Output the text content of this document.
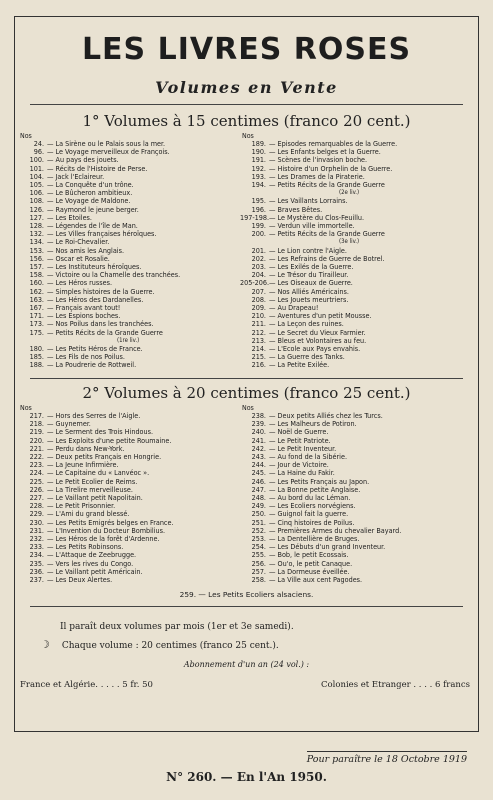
LES LIVRES ROSES
Volumes en Vente
1° Volumes à 15 centimes (franco 20 cent.)
Nos
24. — La Sirène ou le Palais sous la mer.
96. — Le Voyage merveilleux de François.
100. — Au pays des jouets.
101. — Récits de l'Histoire de Perse.
104. — Jack l'Eclaireur.
105. — La Conquête d'un trône.
106. — Le Bûcheron ambitieux.
108. — Le Voyage de Maldone.
126. — Raymond le jeune berger.
127. — Les Etoiles.
128. — Légendes de l'île de Man.
132. — Les Villes françaises héroïques.
134. — Le Roi-Chevalier.
153. — Nos amis les Anglais.
156. — Oscar et Rosalie.
157. — Les Instituteurs héroïques.
158. — Victoire ou la Chamelle des tranchées.
160. — Les Héros russes.
162. — Simples histoires de la Guerre.
163. — Les Héros des Dardanelles.
167. — Français avant tout!
171. — Les Espions boches.
173. — Nos Poilus dans les tranchées.
175. — Petits Récits de la Grande Guerre
(1re liv.)
180. — Les Petits Héros de France.
185. — Les Fils de nos Poilus.
188. — La Poudrerie de Rottweil.
Nos
189. — Episodes remarquables de la Guerre.
190. — Les Enfants belges et la Guerre.
191. — Scènes de l'invasion boche.
192. — Histoire d'un Orphelin de la Guerre.
193. — Les Drames de la Piraterie.
194. — Petits Récits de la Grande Guerre
(2e liv.)
195. — Les Vaillants Lorrains.
196. — Braves Bêtes.
197-198. — Le Mystère du Clos-Feuillu.
199. — Verdun ville immortelle.
200. — Petits Récits de la Grande Guerre
(3e liv.)
201. — Le Lion contre l'Aigle.
202. — Les Refrains de Guerre de Botrel.
203. — Les Exilés de la Guerre.
204. — Le Trésor du Tirailleur.
205-206. — Les Oiseaux de Guerre.
207. — Nos Alliés Américains.
208. — Les Jouets meurtriers.
209. — Au Drapeau!
210. — Aventures d'un petit Mousse.
211. — La Leçon des ruines.
212. — Le Secret du Vieux Farmier.
213. — Bleus et Volontaires au feu.
214. — L'Ecole aux Pays envahis.
215. — La Guerre des Tanks.
216. — La Petite Exilée.
2° Volumes à 20 centimes (franco 25 cent.)
Nos
217. — Hors des Serres de l'Aigle.
218. — Guynemer.
219. — Le Serment des Trois Hindous.
220. — Les Exploits d'une petite Roumaine.
221. — Perdu dans New-York.
222. — Deux petits Français en Hongrie.
223. — La Jeune Infirmière.
224. — Le Capitaine du « Lanvéoc ».
225. — Le Petit Ecolier de Reims.
226. — La Tirelire merveilleuse.
227. — Le Vaillant petit Napolitain.
228. — Le Petit Prisonnier.
229. — L'Ami du grand blessé.
230. — Les Petits Emigrés belges en France.
231. — L'Invention du Docteur Bombilius.
232. — Les Héros de la forêt d'Ardenne.
233. — Les Petits Robinsons.
234. — L'Attaque de Zeebrugge.
235. — Vers les rives du Congo.
236. — Le Vaillant petit Américain.
237. — Les Deux Alertes.
Nos
238. — Deux petits Alliés chez les Turcs.
239. — Les Malheurs de Potiron.
240. — Noël de Guerre.
241. — Le Petit Patriote.
242. — Le Petit Inventeur.
243. — Au fond de la Sibérie.
244. — Jour de Victoire.
245. — La Haine du Fakir.
246. — Les Petits Français au Japon.
247. — La Bonne petite Anglaise.
248. — Au bord du lac Léman.
249. — Les Ecoliers norvégiens.
250. — Guignol fait la guerre.
251. — Cinq histoires de Poilus.
252. — Premières Armes du chevalier Bayard.
253. — La Dentellière de Bruges.
254. — Les Débuts d'un grand Inventeur.
255. — Bob, le petit Ecossais.
256. — Ou'o, le petit Canaque.
257. — La Dormeuse éveillée.
258. — La Ville aux cent Pagodes.
259. — Les Petits Ecoliers alsaciens.
Il paraît deux volumes par mois (1er et 3e samedi).
☽ Chaque volume : 20 centimes (franco 25 cent.).
Abonnement d'un an (24 vol.) :
France et Algérie. . . . . 5 fr. 50	Colonies et Etranger . . . . 6 francs
Pour paraître le 18 Octobre 1919
N° 260. — En l'An 1950.
